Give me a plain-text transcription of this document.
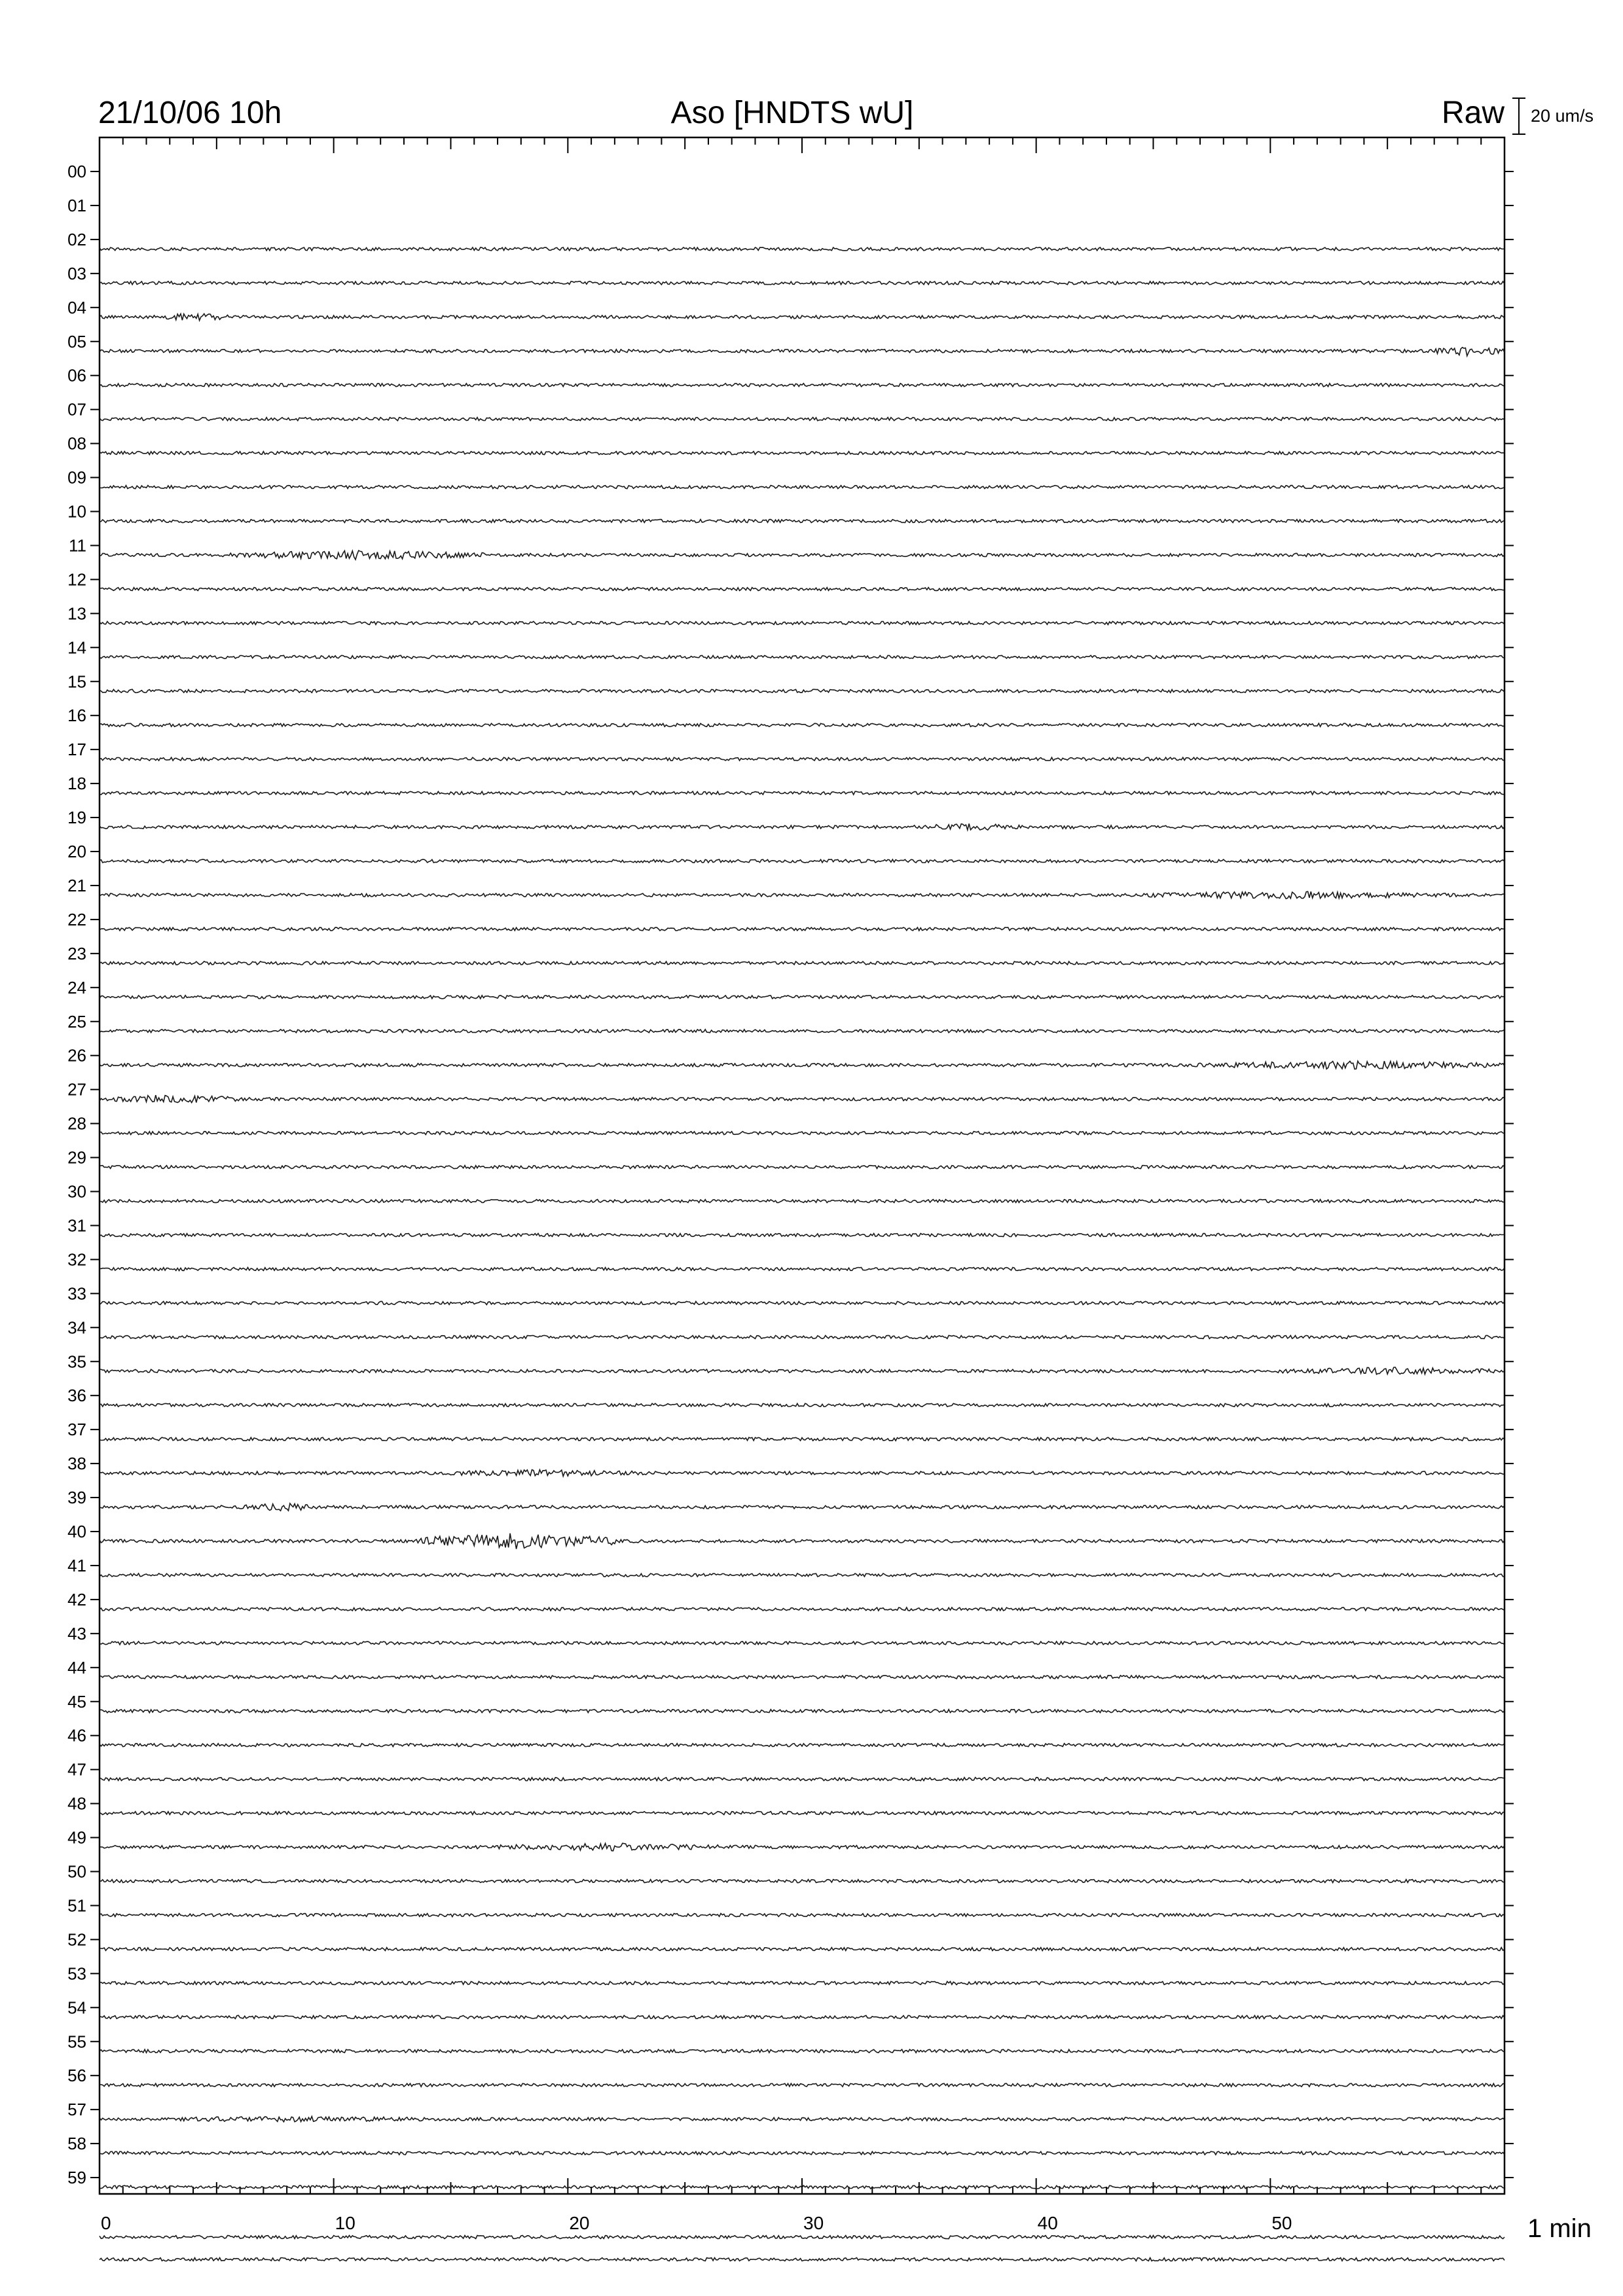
21/10/06 10h	Aso [HNDTS wU]	Raw 20 um/s
00
01
02
03
04
05
06
07
08
09
10
11
12
13
14
15
16
17
18
19
20
21
22
23
24
25
26
27
28
29
30
31
32
33
34
35
36
37
38
39
40
41
42
43
44
45
46
47
48
49
50
51
52
53
54
55
56
57
58
59
0	10	20	30	40	50	1 min
